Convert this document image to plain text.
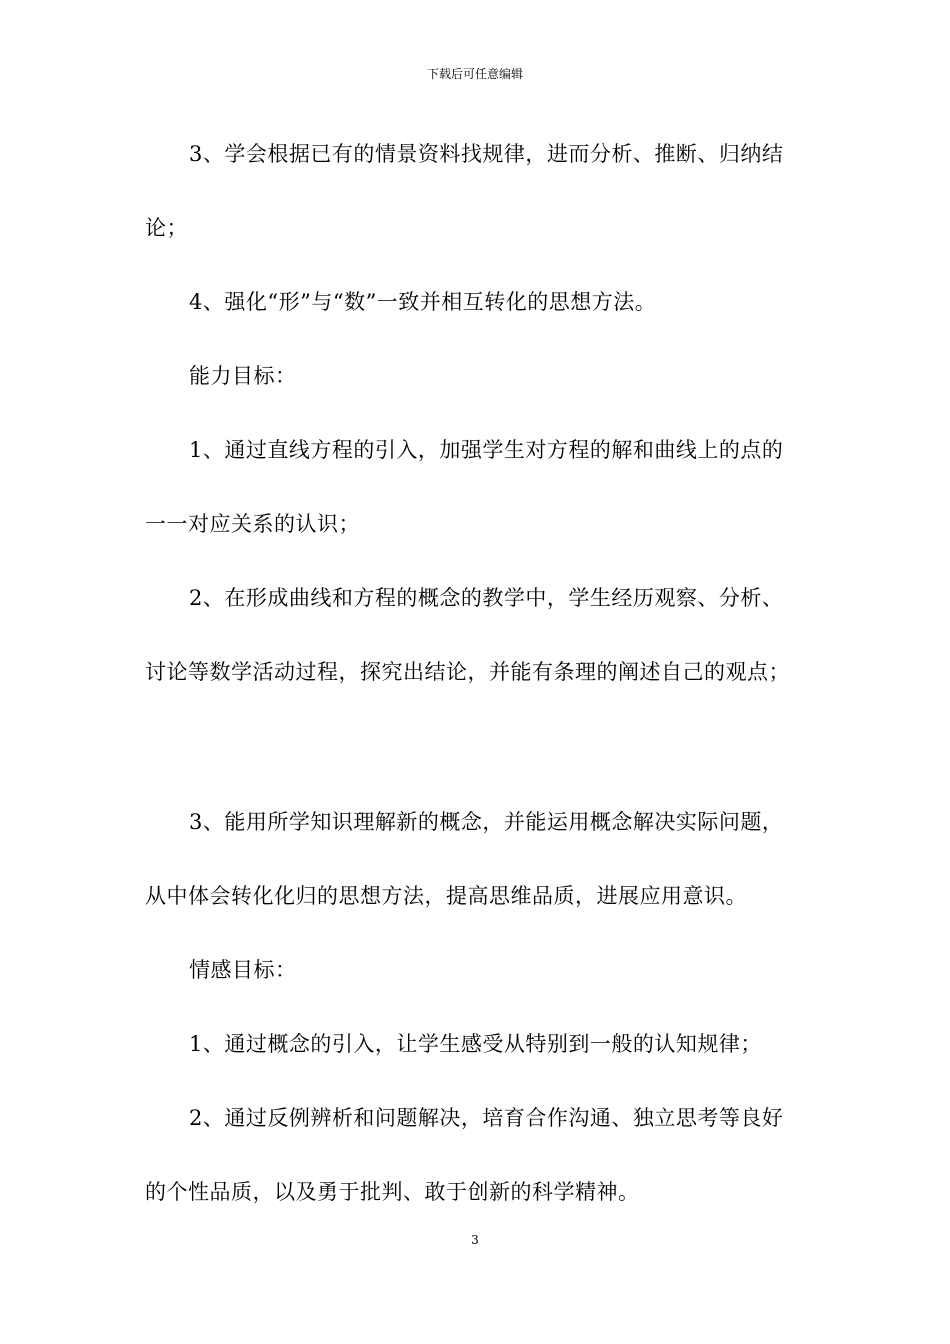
下载后可任意编辑
3、学会根据已有的情景资料找规律，进而分析、推断、归纳结
论；
4、强化“形”与“数”一致并相互转化的思想方法。
能力目标：
1、通过直线方程的引入，加强学生对方程的解和曲线上的点的
一一对应关系的认识；
2、在形成曲线和方程的概念的教学中，学生经历观察、分析、
讨论等数学活动过程，探究出结论，并能有条理的阐述自己的观点；
3、能用所学知识理解新的概念，并能运用概念解决实际问题，
从中体会转化化归的思想方法，提高思维品质，进展应用意识。
情感目标：
1、通过概念的引入，让学生感受从特别到一般的认知规律；
2、通过反例辨析和问题解决，培育合作沟通、独立思考等良好
的个性品质，以及勇于批判、敢于创新的科学精神。
3
